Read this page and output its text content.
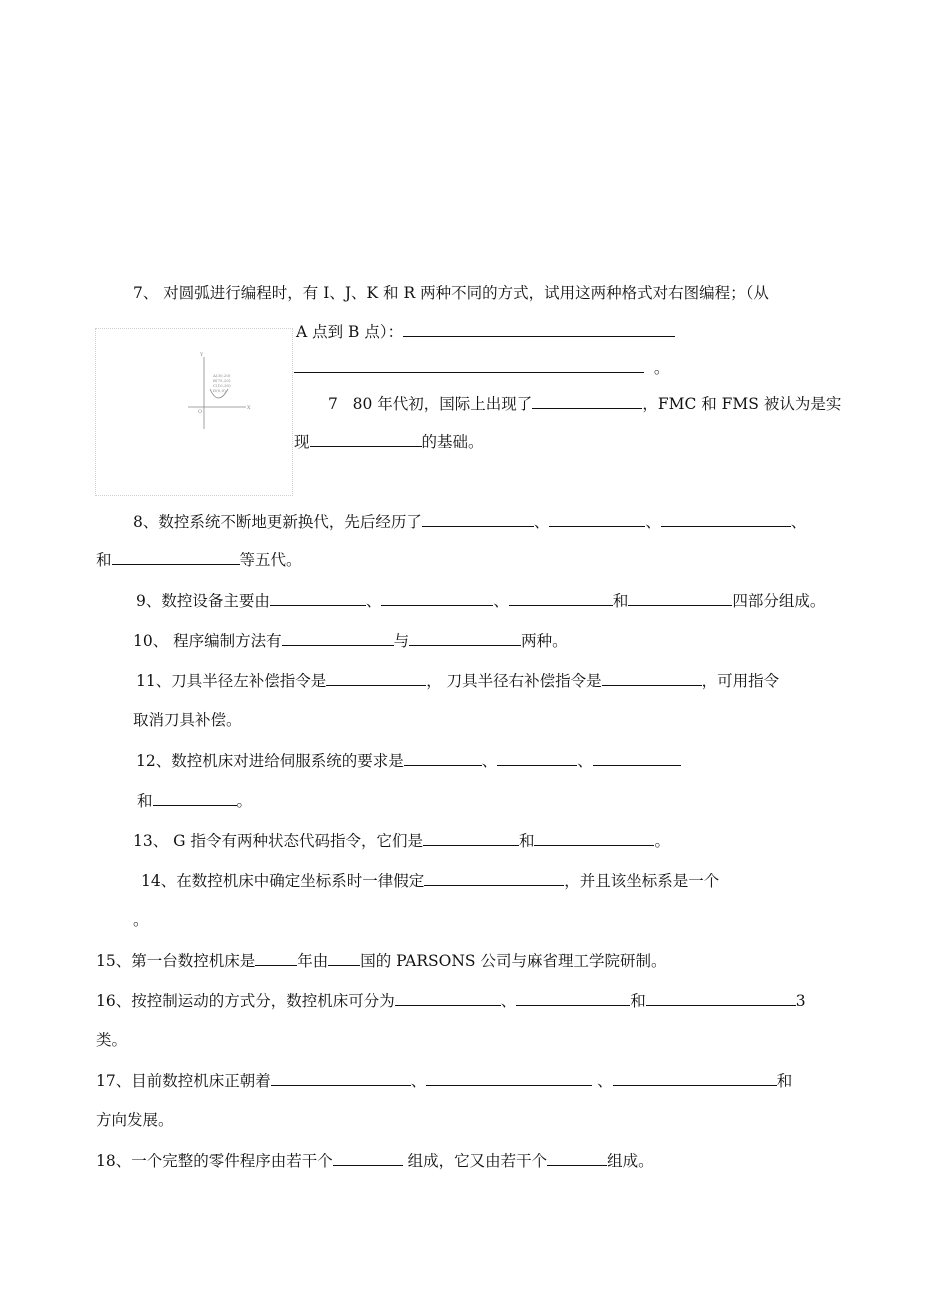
7、 对圆弧进行编程时，有 I、J、K 和 R 两种不同的方式，试用这两种格式对右图编程；（从
Y
X
O
A(30,20)
B(75,20)
C(10,30)
D(0,0)
A 点到 B 点）：
。
7 80 年代初，国际上出现了	，FMC 和 FMS 被认为是实
现	的基础。
8、数控系统不断地更新换代，先后经历了	、	、	、
和	等五代。
9、数控设备主要由	、	、	和	四部分组成。
10、 程序编制方法有	与	两种。
11、刀具半径左补偿指令是	， 刀具半径右补偿指令是	，可用指令
取消刀具补偿。
12、数控机床对进给伺服系统的要求是	、	、
和	。
13、 G 指令有两种状态代码指令，它们是	和	。
14、在数控机床中确定坐标系时一律假定	，并且该坐标系是一个
。
15、第一台数控机床是	年由 国的 PARSONS 公司与麻省理工学院研制。
16、按控制运动的方式分，数控机床可分为	、	和	3
类。
17、目前数控机床正朝着	、	、	和
方向发展。
18、一个完整的零件程序由若干个	组成，它又由若干个	组成。
